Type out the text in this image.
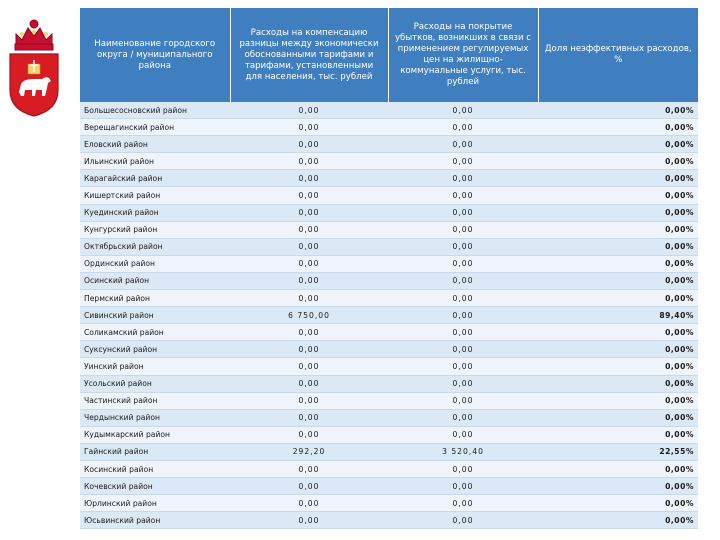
Наименование городского округа / муниципального района	Расходы на компенсацию разницы между экономически обоснованными тарифами и тарифами, установленными для населения, тыс. рублей	Расходы на покрытие убытков, возникших в связи с применением регулируемых цен на жилищно-коммунальные услуги, тыс. рублей	Доля неэффективных расходов, %
Большесосновский район	0,00	0,00	0,00%
Верещагинский район	0,00	0,00	0,00%
Еловский район	0,00	0,00	0,00%
Ильинский район	0,00	0,00	0,00%
Карагайский район	0,00	0,00	0,00%
Кишертский район	0,00	0,00	0,00%
Куединский район	0,00	0,00	0,00%
Кунгурский район	0,00	0,00	0,00%
Октябрьский район	0,00	0,00	0,00%
Ординский район	0,00	0,00	0,00%
Осинский район	0,00	0,00	0,00%
Пермский район	0,00	0,00	0,00%
Сивинский район	6 750,00	0,00	89,40%
Соликамский район	0,00	0,00	0,00%
Суксунский район	0,00	0,00	0,00%
Уинский район	0,00	0,00	0,00%
Усольский район	0,00	0,00	0,00%
Частинский район	0,00	0,00	0,00%
Чердынский район	0,00	0,00	0,00%
Кудымкарский район	0,00	0,00	0,00%
Гайнский район	292,20	3 520,40	22,55%
Косинский район	0,00	0,00	0,00%
Кочевский район	0,00	0,00	0,00%
Юрлинский район	0,00	0,00	0,00%
Юсьвинский район	0,00	0,00	0,00%
